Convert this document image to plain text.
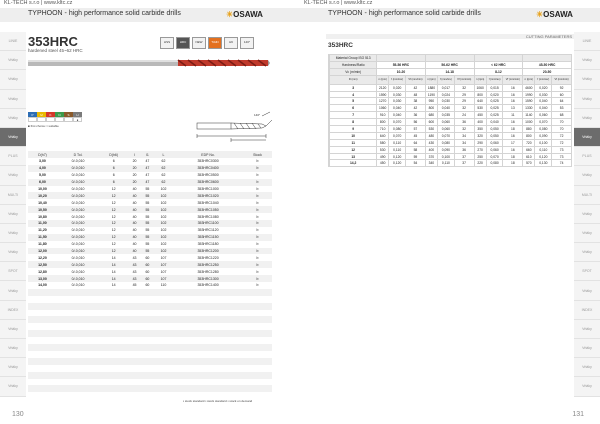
KL-TECH s.r.o | www.kltc.cz
TYPHOON - high performance solid carbide drills	☀OSAWA
LINIE
Vrtáky
Vrtáky
Vrtáky
Vrtáky
Vrtáky
PLUS
Vrtáky
MULTI
Vrtáky
Vrtáky
Vrtáky
SPOT
Vrtáky
INDEX
Vrtáky
Vrtáky
Vrtáky
Vrtáky
353HRC
hardened steel 45~62 HRC
HSS	HRC	NEW	TiAlN	H6	140°
P	M	K	N	S	H
●
■ first choice □ suitable
140°
D(h7)	D Tol.	D(h6)	l	l1	L	EDP No.	Stock
3,00	0/-0,010	6	20	47	62	353HRC0300	b
4,00	0/-0,010	6	20	47	62	353HRC0400	b
5,00	0/-0,010	6	20	47	62	353HRC0500	b
6,00	0/-0,010	6	20	47	62	353HRC0600	b
10,00	0/-0,010	12	40	55	102	353HRC1000	b
10,20	0/-0,010	12	40	55	102	353HRC1020	b
10,40	0/-0,010	12	40	55	102	353HRC1040	b
10,50	0/-0,010	12	40	55	102	353HRC1050	b
10,80	0/-0,010	12	40	55	102	353HRC1080	b
11,00	0/-0,010	12	40	55	102	353HRC1100	b
11,20	0/-0,010	12	40	55	102	353HRC1120	b
11,50	0/-0,010	12	40	55	102	353HRC1150	b
11,80	0/-0,010	12	40	55	102	353HRC1180	b
12,00	0/-0,010	12	40	55	102	353HRC1200	b
12,20	0/-0,010	14	43	60	107	353HRC1220	b
12,50	0/-0,010	14	43	60	107	353HRC1250	b
12,80	0/-0,010	14	43	60	107	353HRC1280	b
13,00	0/-0,010	14	43	60	107	353HRC1300	b
14,00	0/-0,010	14	45	60	110	353HRC1400	b

▪ stock standard ▪ stock standard ▪ stock on demand
130
KL-TECH s.r.o | www.kltc.cz
TYPHOON - high performance solid carbide drills	☀OSAWA
LINIE
Vrtáky
Vrtáky
Vrtáky
Vrtáky
Vrtáky
PLUS
Vrtáky
MULTI
Vrtáky
Vrtáky
Vrtáky
SPOT
Vrtáky
INDEX
Vrtáky
Vrtáky
Vrtáky
Vrtáky
CUTTING PARAMETERS
353HRC
	Material Group ISO 513												
	Hardness/Ratio	55-56 HRC			56-62 HRC			< 62 HRC			45-50 HRC		
	Vc (m/min)	10-20			14-18			8-12			20-50		
	D (mm)	n (rpm)	f (mm/rev)	Vf (mm/min)	n (rpm)	f (mm/rev)	Vf (mm/min)	n (rpm)	f (mm/rev)	Vf (mm/min)	n (rpm)	f (mm/rev)	Vf (mm/min)
	3	2120	0,020	42	1880	0,017	32	1060	0,015	16	4600	0,020	92
	4	1590	0,030	48	1190	0,024	29	800	0,020	16	1990	0,030	60
	5	1270	0,030	38	950	0,030	29	640	0,025	16	1590	0,040	64
	6	1060	0,040	42	800	0,040	32	530	0,025	13	1330	0,040	53
	7	910	0,040	36	680	0,035	24	450	0,025	11	1140	0,060	68
	8	800	0,070	56	600	0,060	36	400	0,040	16	1000	0,070	70
	9	710	0,080	57	530	0,060	32	350	0,050	18	880	0,080	70
	10	640	0,070	45	480	0,070	34	320	0,050	16	800	0,090	72
	11	580	0,110	64	430	0,080	34	290	0,060	17	720	0,100	72
	12	530	0,110	58	400	0,090	36	270	0,060	16	660	0,110	73
	13	490	0,120	59	370	0,100	37	250	0,070	18	610	0,120	73
	14,2	450	0,120	54	340	0,110	37	220	0,080	18	570	0,130	74
131
